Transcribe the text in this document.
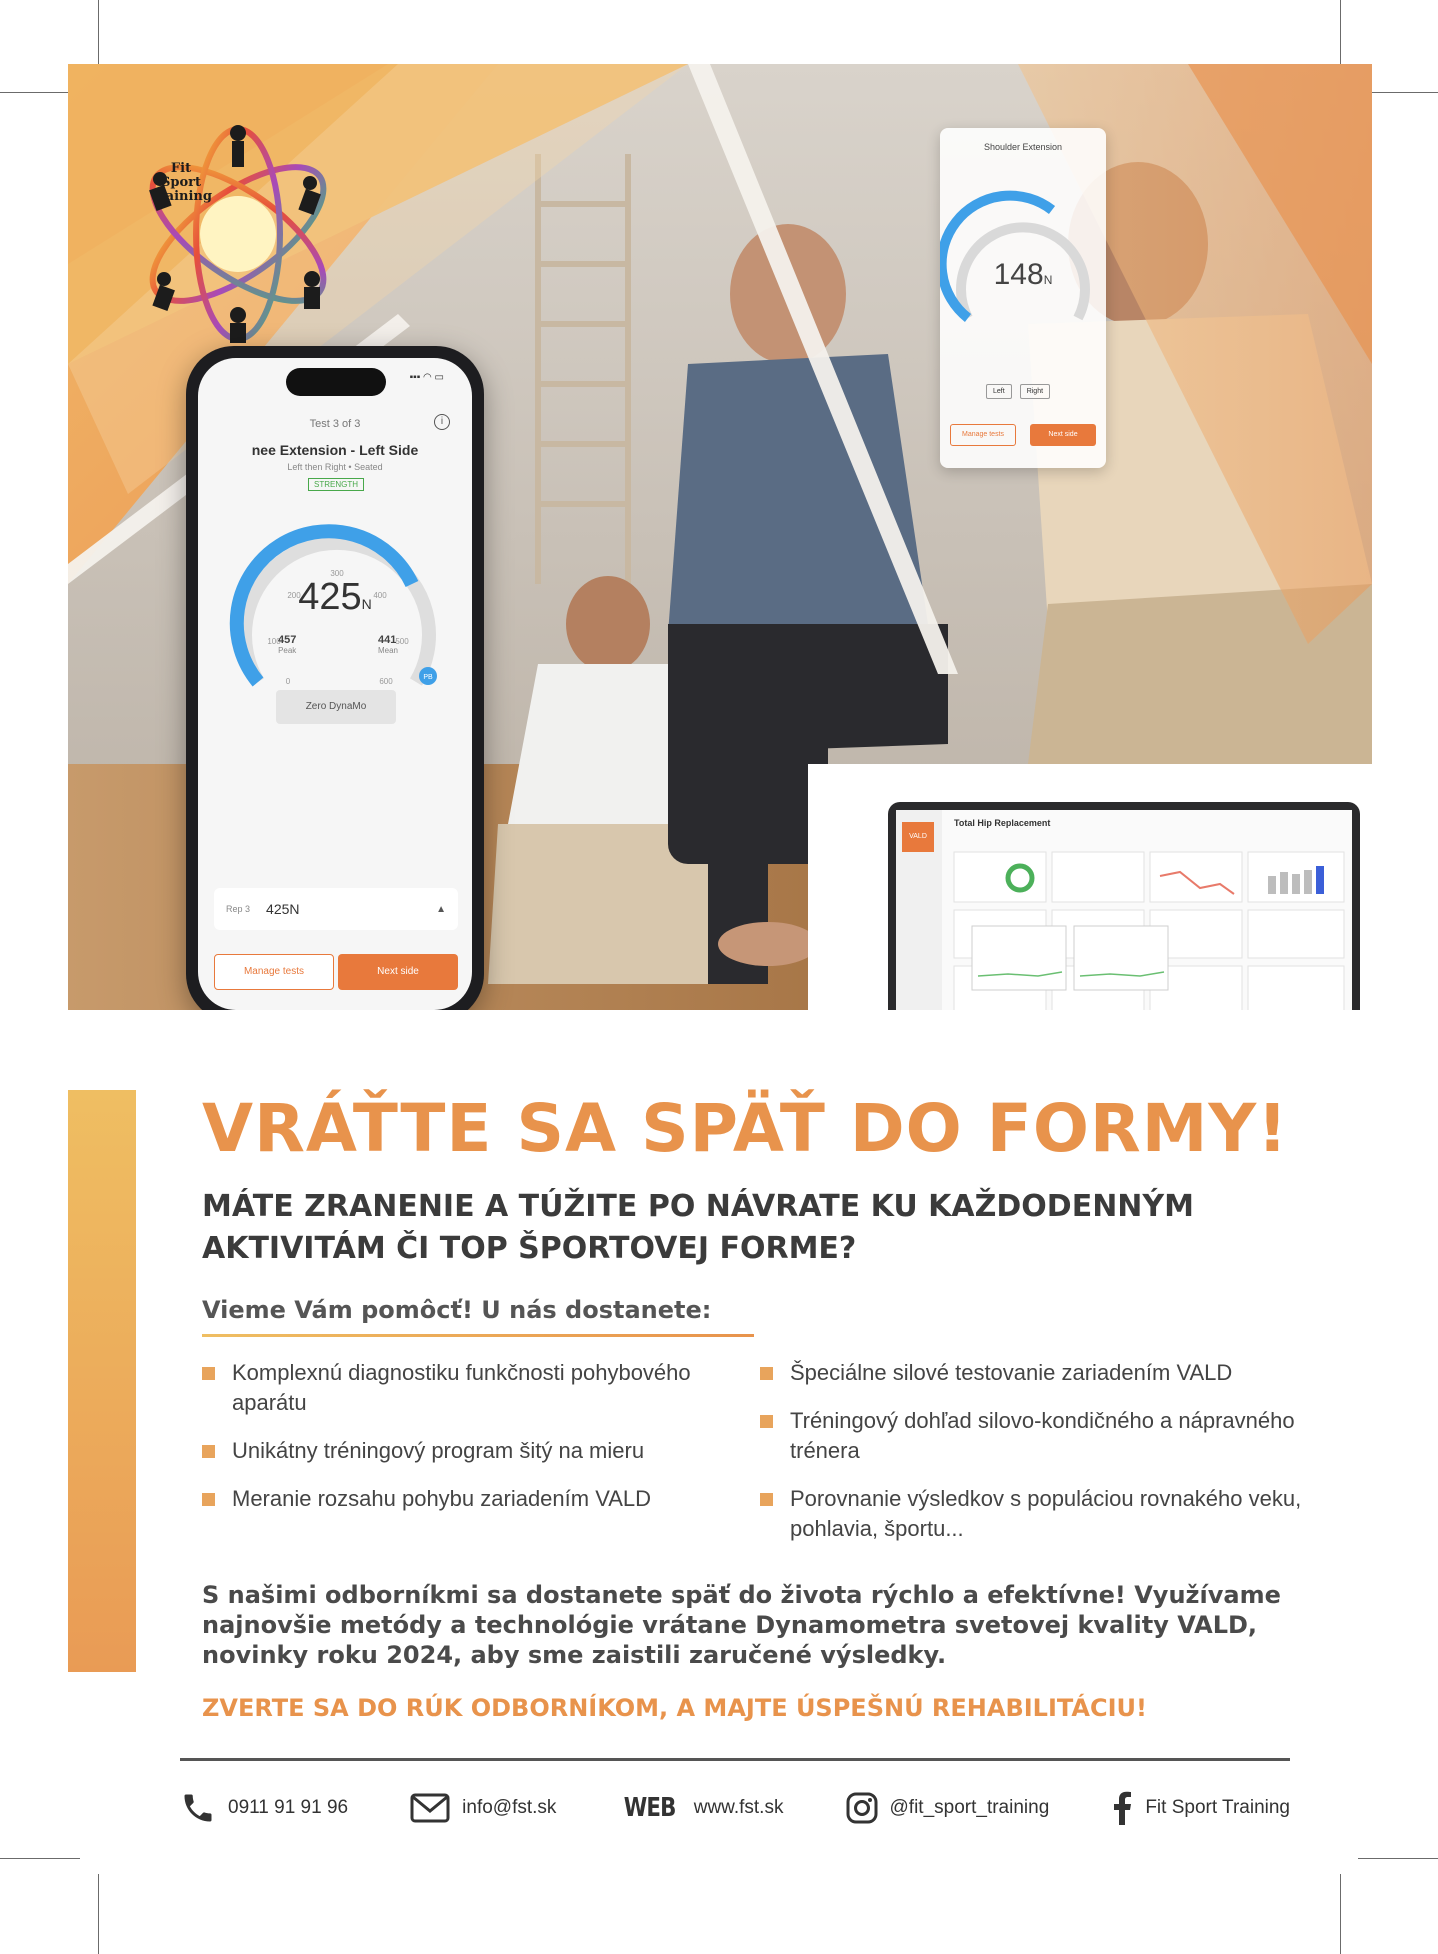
Fit
Sport
Training
Shoulder Extension
148N
Left	Right
Manage tests	Next side
▪▪▪ ◠ ▭
Test 3 of 3	i
nee Extension - Left Side
Left then Right • Seated
STRENGTH
PB
0
100
200
300
400
500
600
425N
457
Peak
441
Mean
Zero DynaMo
Rep 3 425N	▲
Manage tests	Next side
VALD
Total Hip Replacement
VRÁŤTE SA SPÄŤ DO FORMY!
MÁTE ZRANENIE A TÚŽITE PO NÁVRATE KU KAŽDODENNÝM AKTIVITÁM ČI TOP ŠPORTOVEJ FORME?
Vieme Vám pomôcť! U nás dostanete:
Komplexnú diagnostiku funkčnosti pohybového aparátu
Unikátny tréningový program šitý na mieru
Meranie rozsahu pohybu zariadením VALD
Špeciálne silové testovanie zariadením VALD
Tréningový dohľad silovo-kondičného a nápravného trénera
Porovnanie výsledkov s populáciou rovnakého veku, pohlavia, športu...
S našimi odborníkmi sa dostanete späť do života rýchlo a efektívne! Využívame najnovšie metódy a technológie vrátane Dynamometra svetovej kvality VALD, novinky roku 2024, aby sme zaistili zaručené výsledky.
ZVERTE SA DO RÚK ODBORNÍKOM, A MAJTE ÚSPEŠNÚ REHABILITÁCIU!
0911 91 91 96	info@fst.sk	WEB www.fst.sk	@fit_sport_training	Fit Sport Training
